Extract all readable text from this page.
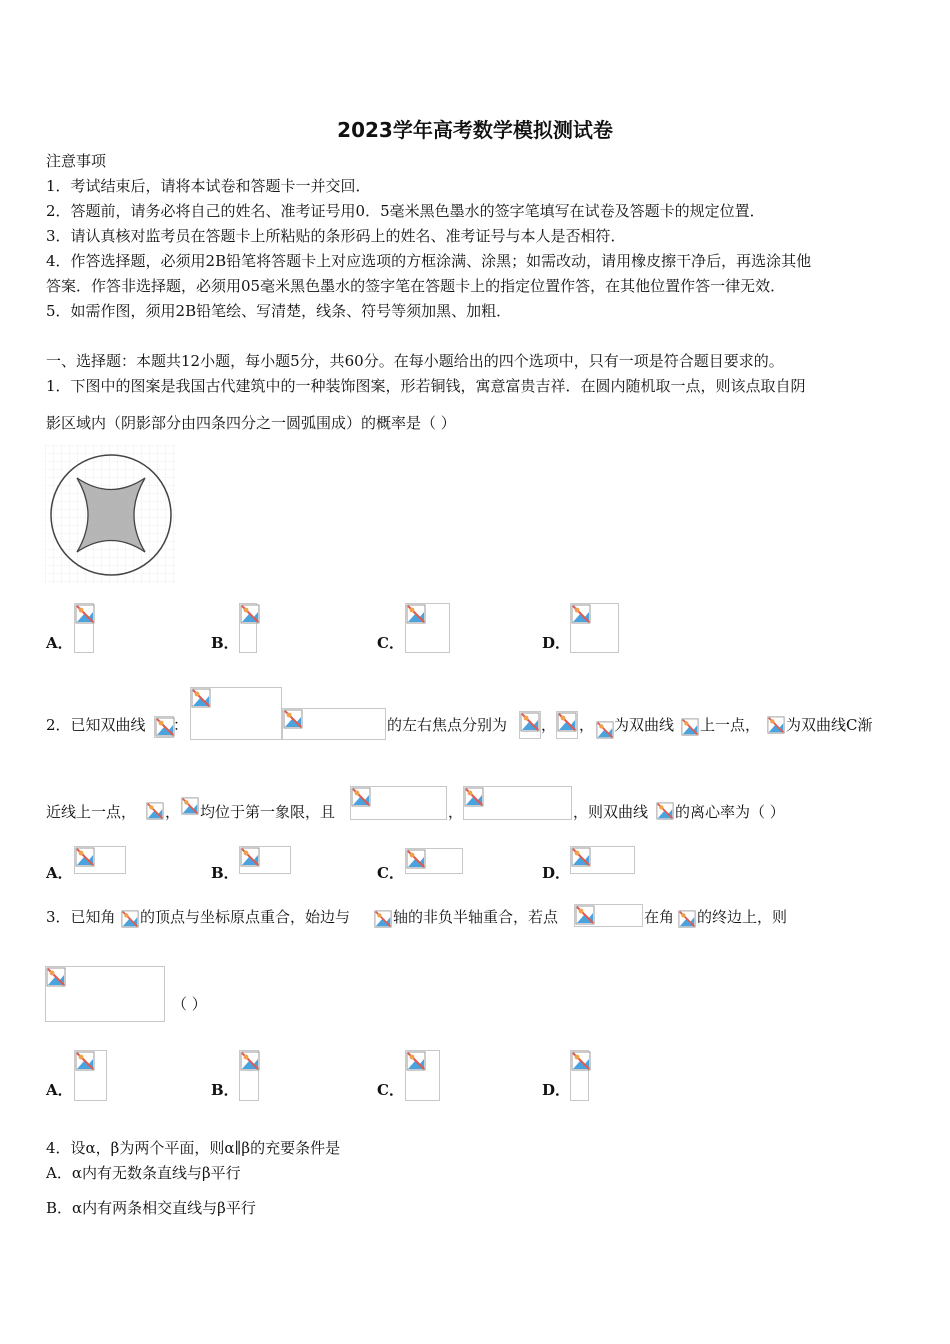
2023学年高考数学模拟测试卷
注意事项
1．考试结束后，请将本试卷和答题卡一并交回．
2．答题前，请务必将自己的姓名、准考证号用0．5毫米黑色墨水的签字笔填写在试卷及答题卡的规定位置．
3．请认真核对监考员在答题卡上所粘贴的条形码上的姓名、准考证号与本人是否相符．
4．作答选择题，必须用2B铅笔将答题卡上对应选项的方框涂满、涂黑；如需改动，请用橡皮擦干净后，再选涂其他
答案．作答非选择题，必须用05毫米黑色墨水的签字笔在答题卡上的指定位置作答，在其他位置作答一律无效．
5．如需作图，须用2B铅笔绘、写清楚，线条、符号等须加黑、加粗．
一、选择题：本题共12小题，每小题5分，共60分。在每小题给出的四个选项中，只有一项是符合题目要求的。
1．下图中的图案是我国古代建筑中的一种装饰图案，形若铜钱，寓意富贵吉祥．在圆内随机取一点，则该点取自阴
影区域内（阴影部分由四条四分之一圆弧围成）的概率是（ ）
A．	B．	C．	D．
2．已知双曲线 ：	的左右焦点分别为 ， ， 为双曲线 上一点， 为双曲线C渐
近线上一点， ， 均位于第一象限，且	，	，则双曲线 的离心率为（ ）
A．	B．	C．	D．
3．已知角 的顶点与坐标原点重合，始边与	轴的非负半轴重合，若点	在角 的终边上，则
（ ）
A．	B．	C．	D．
4．设α，β为两个平面，则α∥β的充要条件是
A．α内有无数条直线与β平行
B．α内有两条相交直线与β平行
